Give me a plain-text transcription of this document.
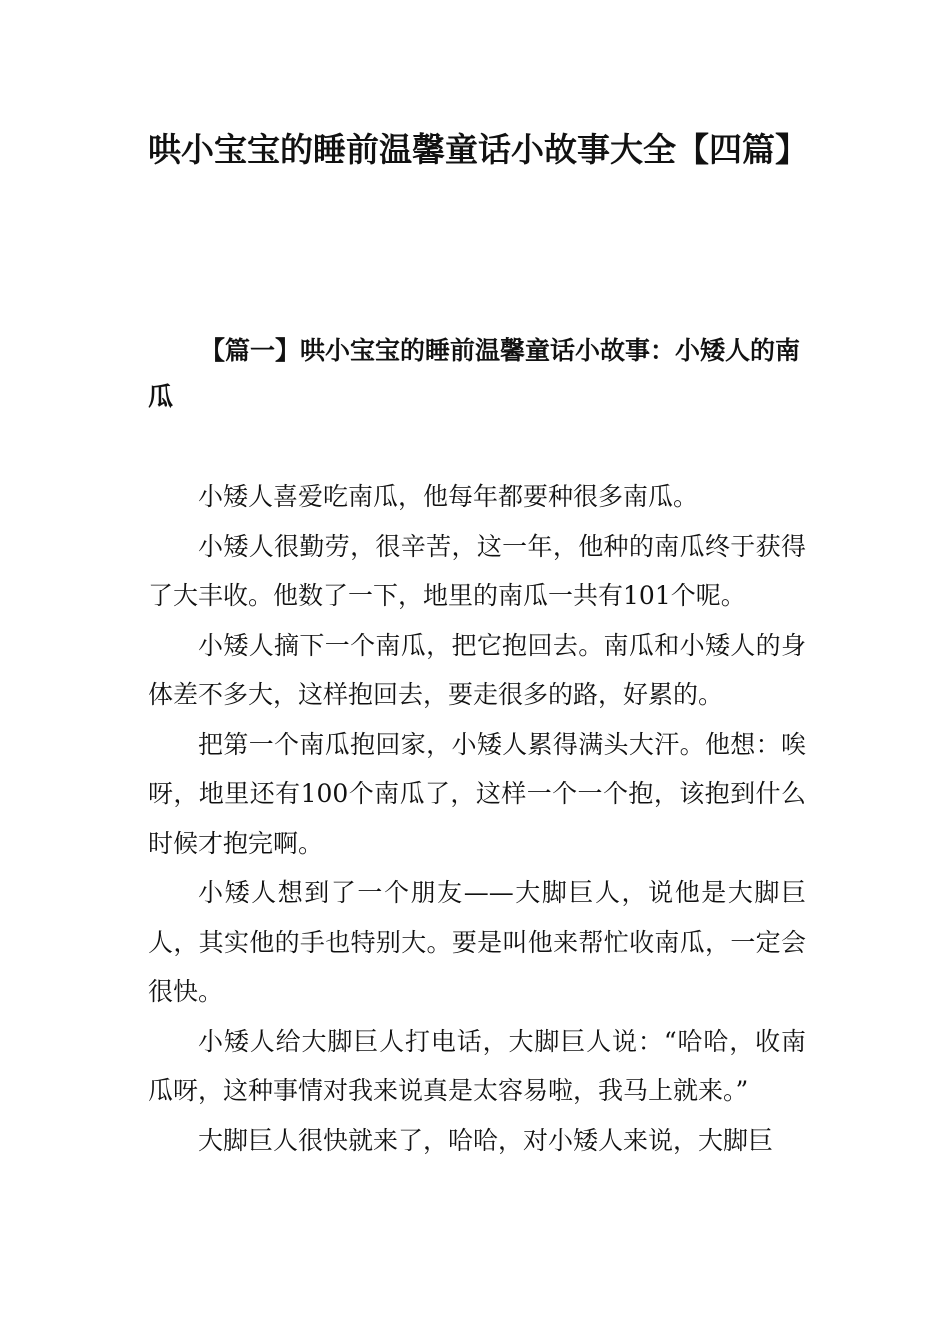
哄小宝宝的睡前温馨童话小故事大全【四篇】
【篇一】哄小宝宝的睡前温馨童话小故事：小矮人的南瓜

小矮人喜爱吃南瓜，他每年都要种很多南瓜。

小矮人很勤劳，很辛苦，这一年，他种的南瓜终于获得了大丰收。他数了一下，地里的南瓜一共有101个呢。

小矮人摘下一个南瓜，把它抱回去。南瓜和小矮人的身体差不多大，这样抱回去，要走很多的路，好累的。

把第一个南瓜抱回家，小矮人累得满头大汗。他想：唉呀，地里还有100个南瓜了，这样一个一个抱，该抱到什么时候才抱完啊。

小矮人想到了一个朋友——大脚巨人，说他是大脚巨人，其实他的手也特别大。要是叫他来帮忙收南瓜，一定会很快。

小矮人给大脚巨人打电话，大脚巨人说：“哈哈，收南瓜呀，这种事情对我来说真是太容易啦，我马上就来。”

大脚巨人很快就来了，哈哈，对小矮人来说，大脚巨
